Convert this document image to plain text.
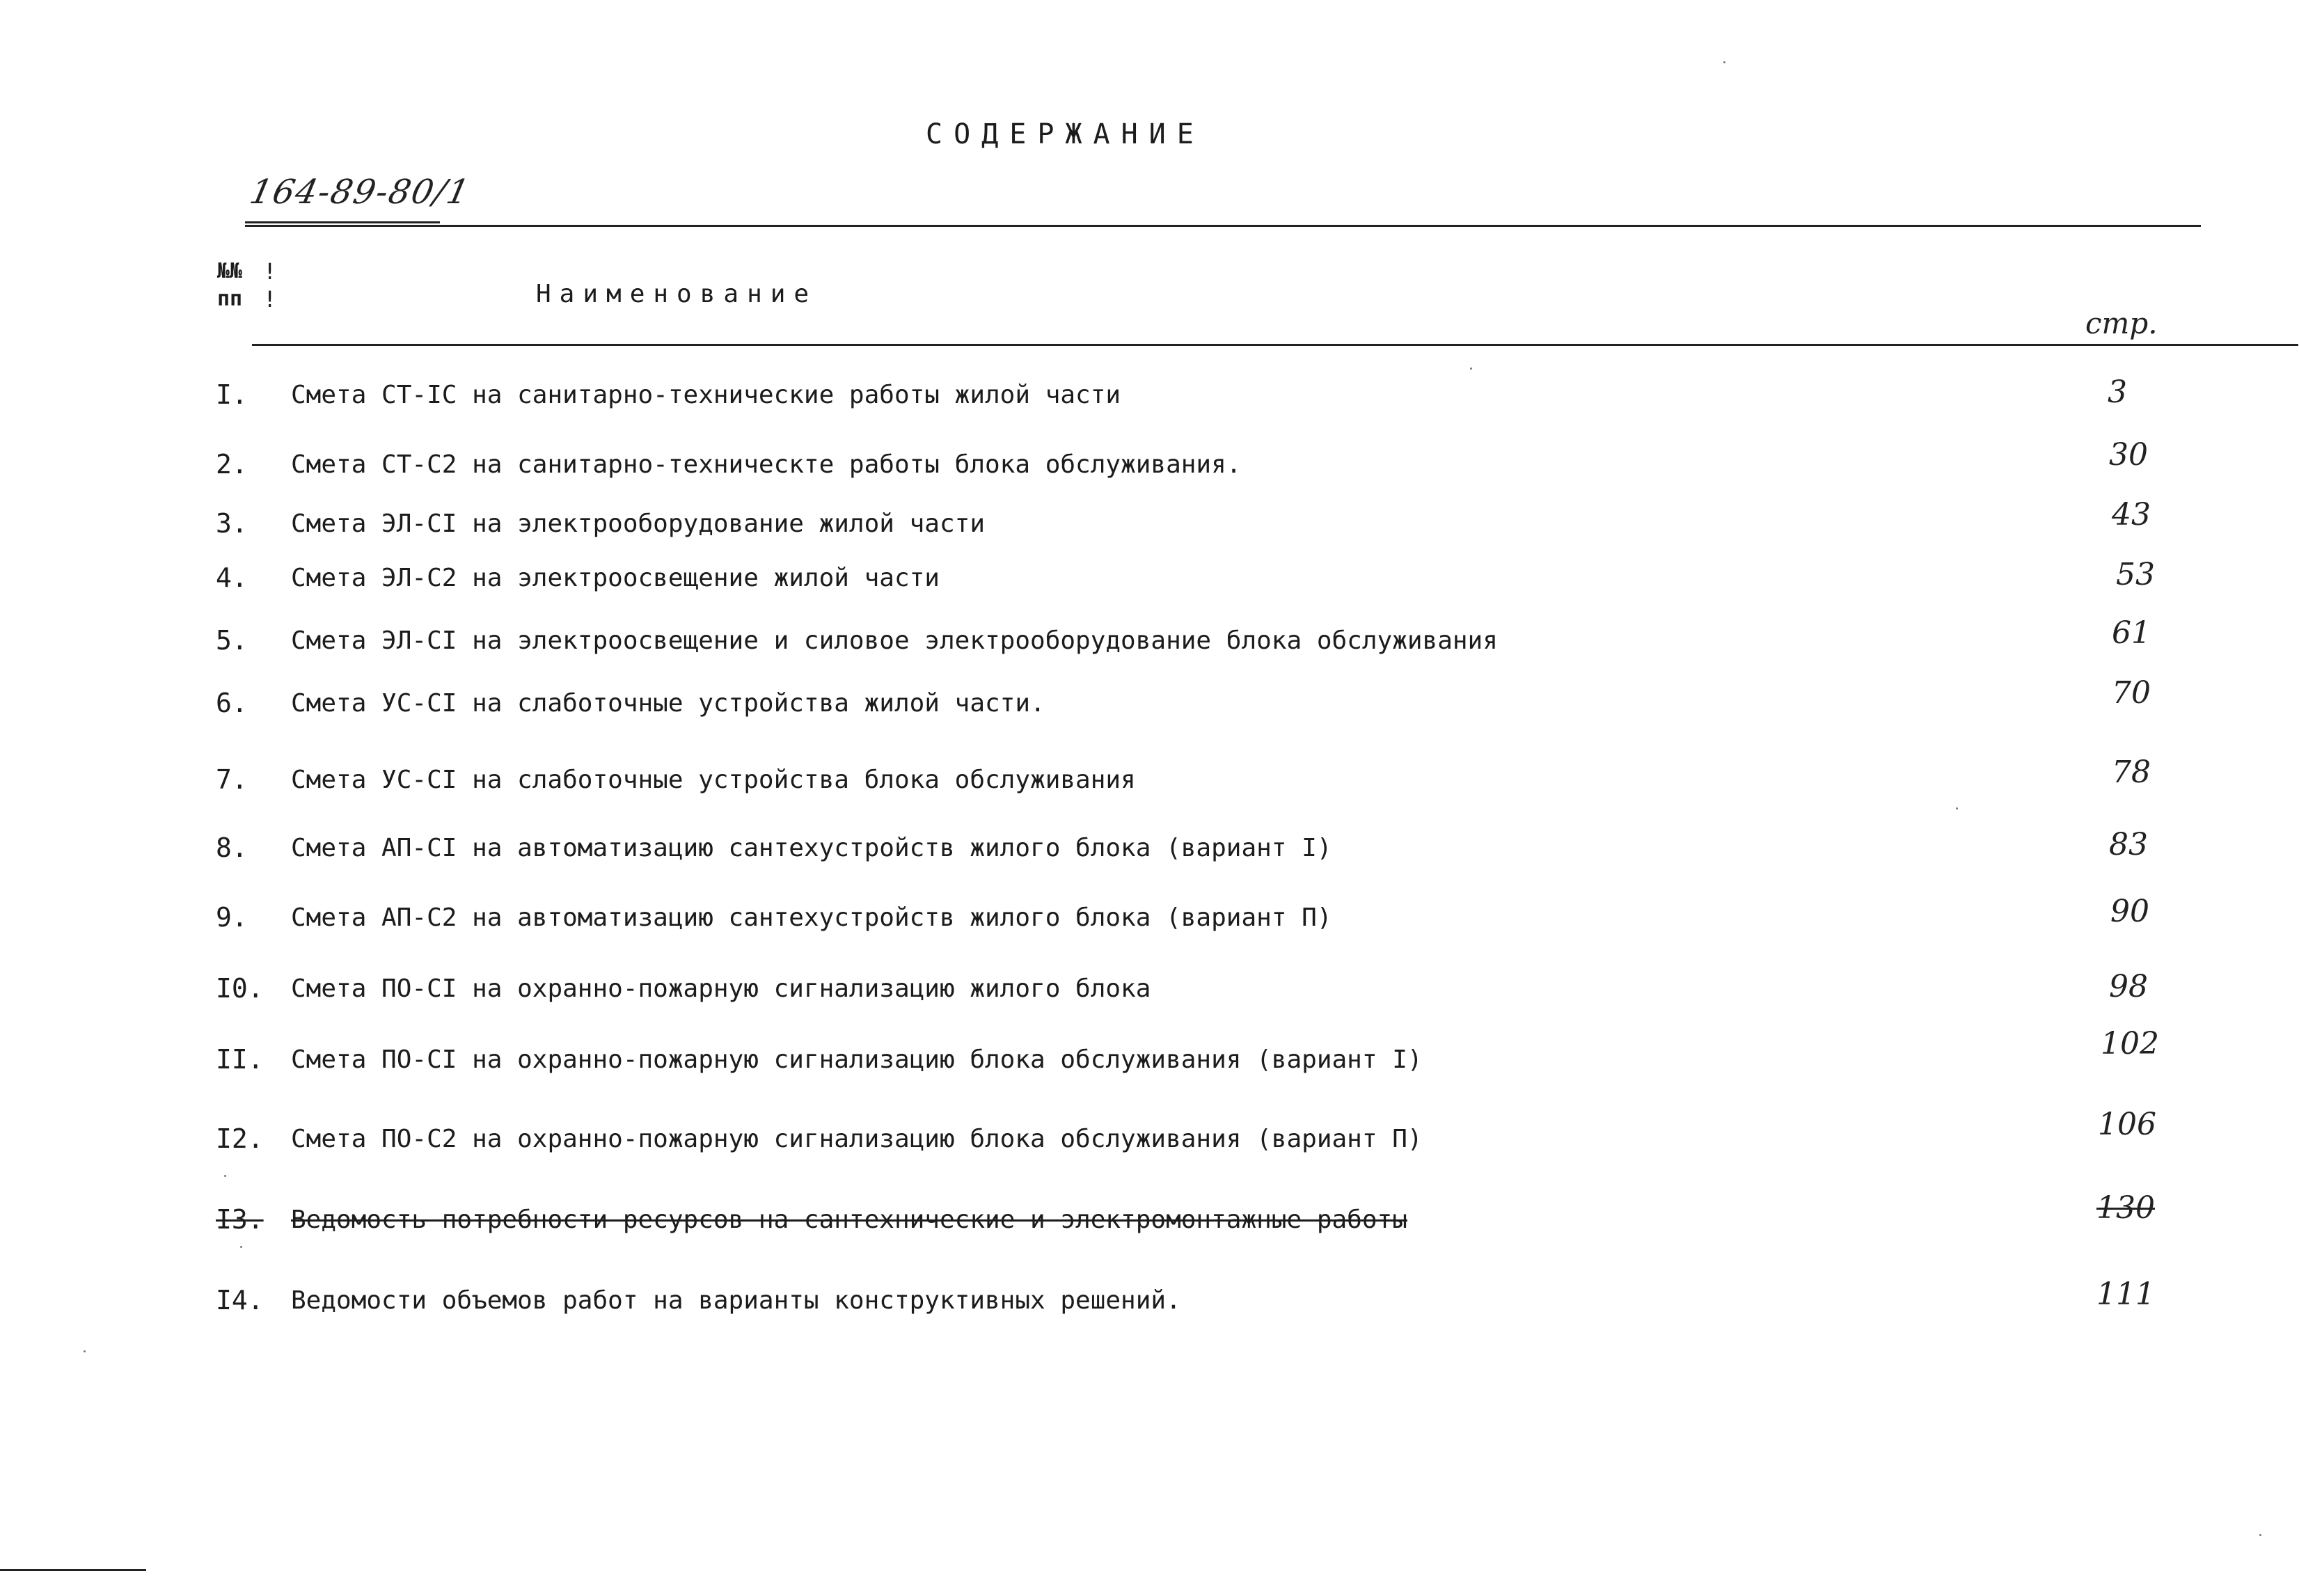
СОДЕРЖАНИЕ
164-89-80/1
№№
пп
!
!	Наименование
стр.
I. Смета СТ-IС на санитарно-технические работы жилой части	3
2. Смета СТ-С2 на санитарно-техническте работы блока обслуживания.	30
3. Смета ЭЛ-СI на электрооборудование жилой части	43
4. Смета ЭЛ-С2 на электроосвещение жилой части	53
5. Смета ЭЛ-СI на электроосвещение и силовое электрооборудование блока обслуживания	61
6. Смета УС-СI на слаботочные устройства жилой части.	70
7. Смета УС-СI на слаботочные устройства блока обслуживания	78
8. Смета АП-СI на автоматизацию сантехустройств жилого блока (вариант I)	83
9. Смета АП-С2 на автоматизацию сантехустройств жилого блока (вариант П)	90
I0. Смета ПО-СI на охранно-пожарную сигнализацию жилого блока	98
II. Смета ПО-СI на охранно-пожарную сигнализацию блока обслуживания (вариант I)	102
I2. Смета ПО-С2 на охранно-пожарную сигнализацию блока обслуживания (вариант П)	106
I3. Ведомость потребности ресурсов на сантехнические и электромонтажные работы	130
I4. Ведомости объемов работ на варианты конструктивных решений.	111
